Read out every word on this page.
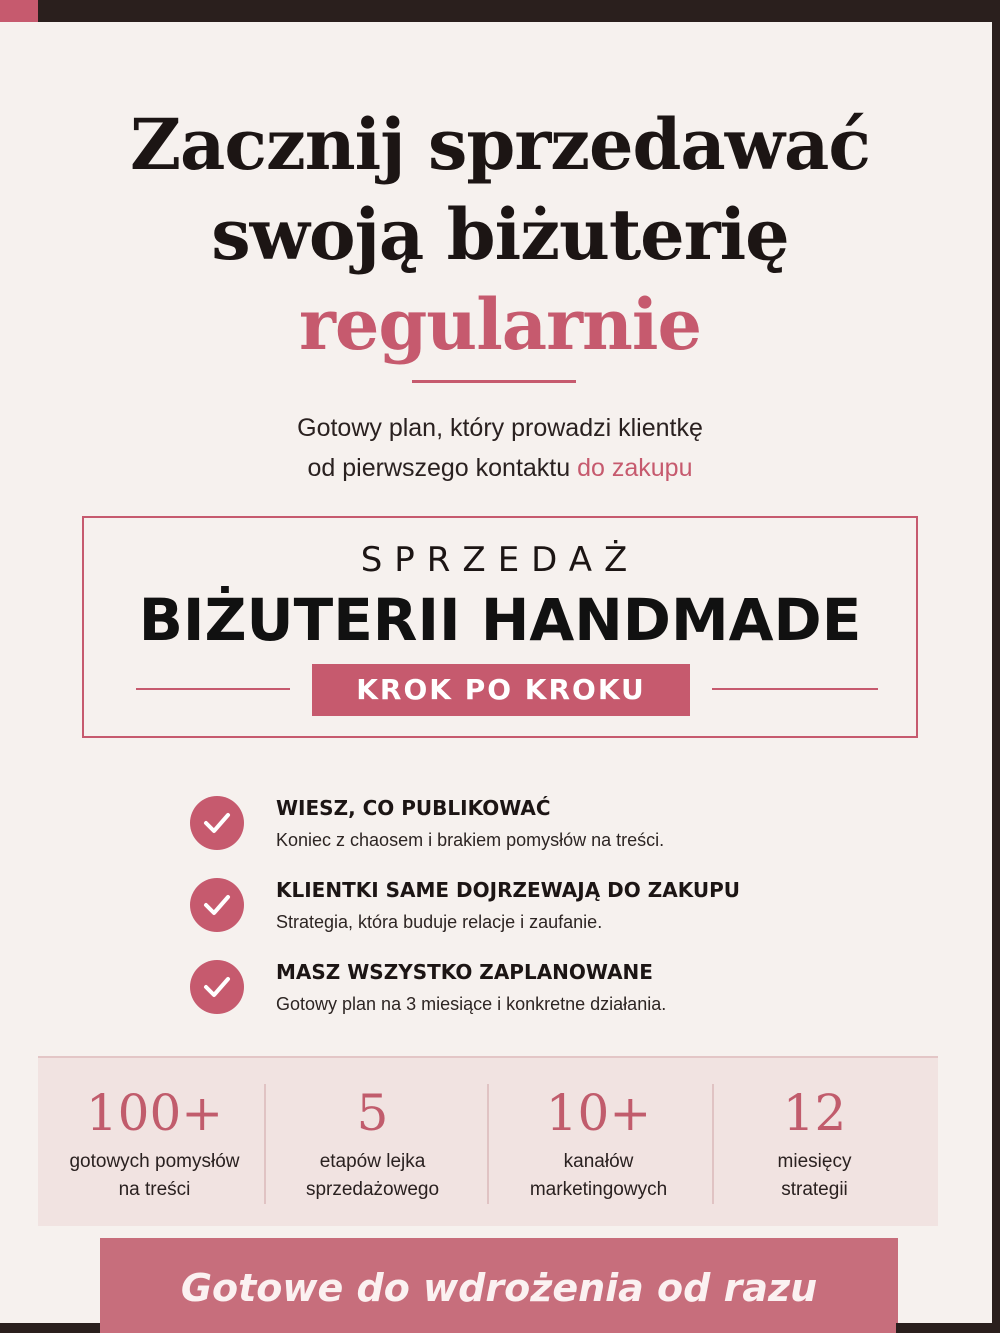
Zacznij sprzedawać
swoją biżuterię
regularnie
Gotowy plan, który prowadzi klientkę
od pierwszego kontaktu do zakupu
SPRZEDAŻ
BIŻUTERII HANDMADE
KROK PO KROKU
WIESZ, CO PUBLIKOWAĆ
Koniec z chaosem i brakiem pomysłów na treści.
KLIENTKI SAME DOJRZEWAJĄ DO ZAKUPU
Strategia, która buduje relacje i zaufanie.
MASZ WSZYSTKO ZAPLANOWANE
Gotowy plan na 3 miesiące i konkretne działania.
100+
gotowych pomysłów
na treści
5
etapów lejka
sprzedażowego
10+
kanałów
marketingowych
12
miesięcy
strategii
Gotowe do wdrożenia od razu
